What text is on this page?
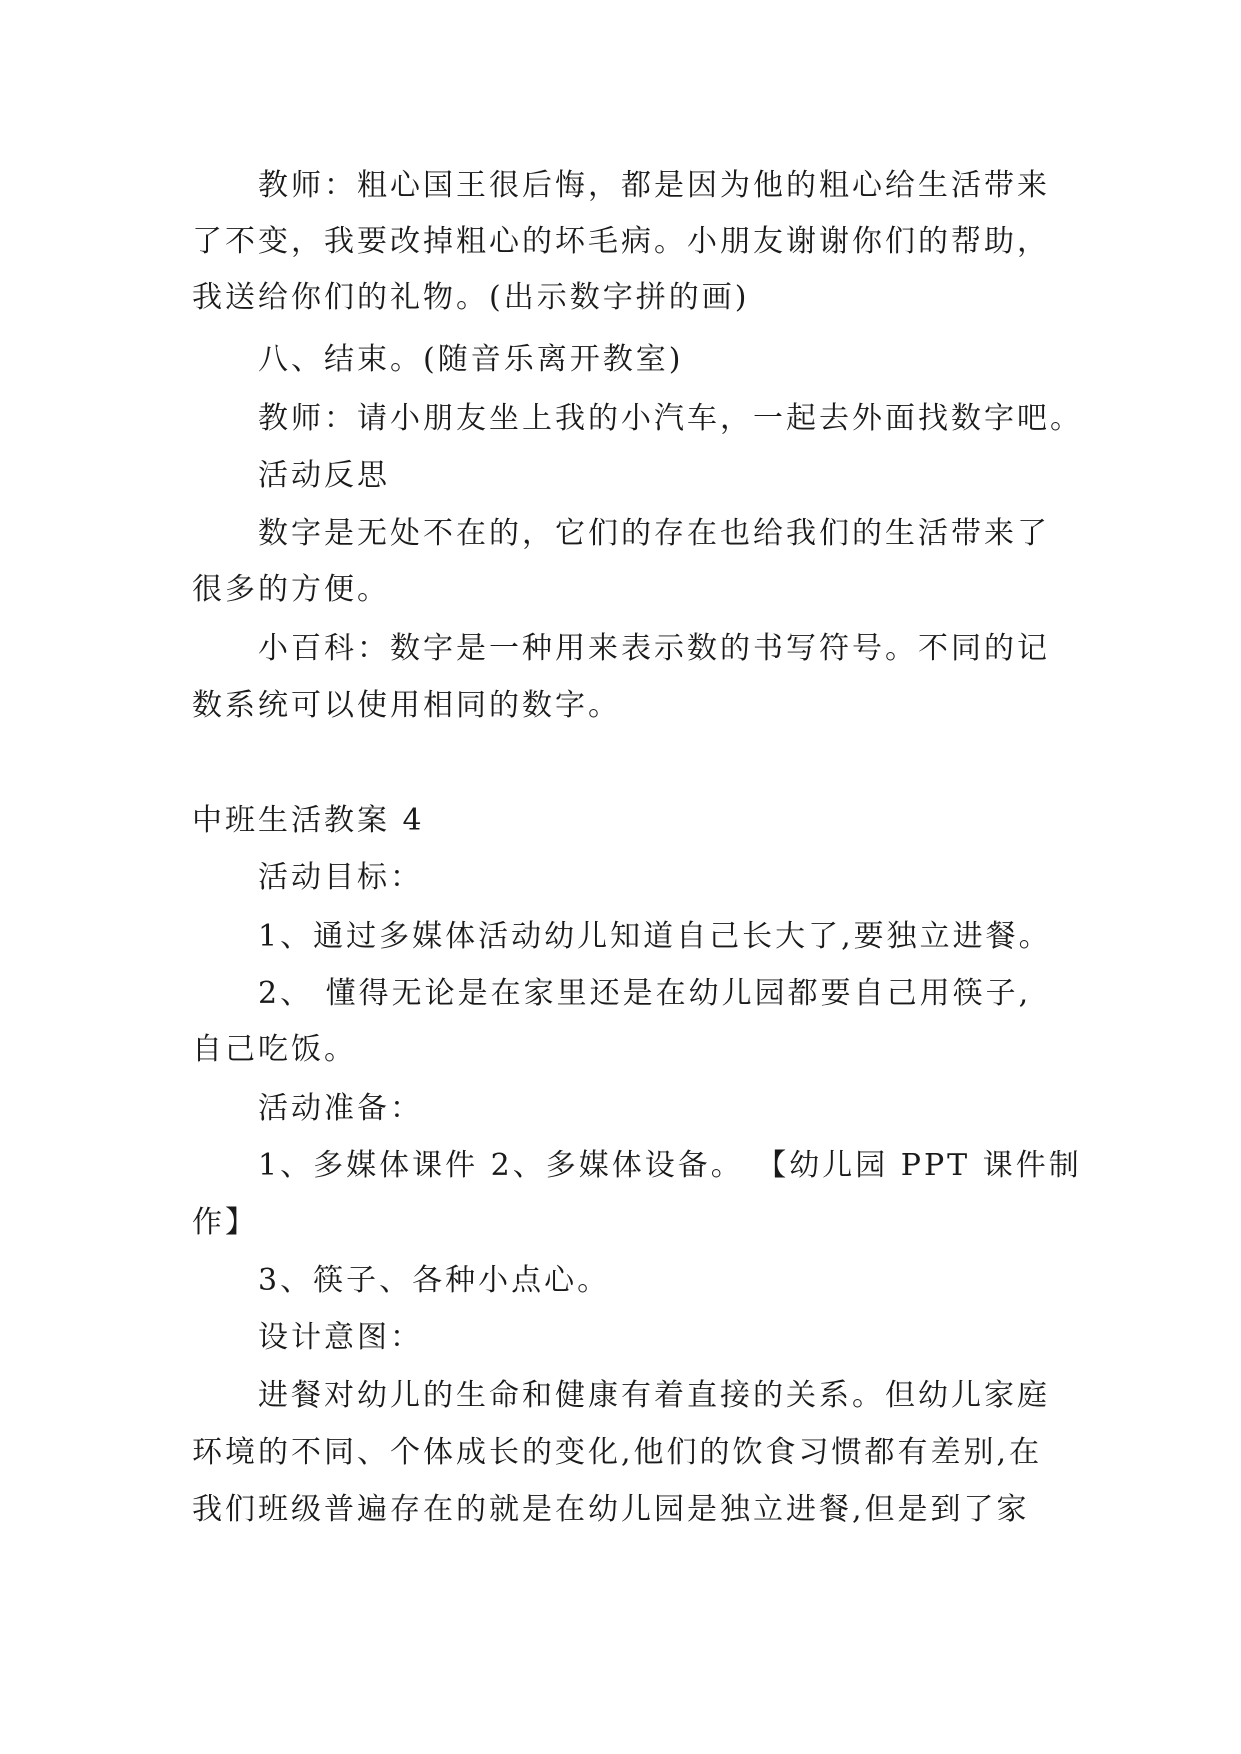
教师：粗心国王很后悔，都是因为他的粗心给生活带来
了不变，我要改掉粗心的坏毛病。小朋友谢谢你们的帮助，
我送给你们的礼物。(出示数字拼的画)
八、结束。(随音乐离开教室)
教师：请小朋友坐上我的小汽车，一起去外面找数字吧。
活动反思
数字是无处不在的，它们的存在也给我们的生活带来了
很多的方便。
小百科：数字是一种用来表示数的书写符号。不同的记
数系统可以使用相同的数字。
中班生活教案 4
活动目标：
1、通过多媒体活动幼儿知道自己长大了,要独立进餐。
2、 懂得无论是在家里还是在幼儿园都要自己用筷子,
自己吃饭。
活动准备：
1、多媒体课件 2、多媒体设备。 【幼儿园 PPT 课件制
作】
3、筷子、各种小点心。
设计意图：
进餐对幼儿的生命和健康有着直接的关系。但幼儿家庭
环境的不同、个体成长的变化,他们的饮食习惯都有差别,在
我们班级普遍存在的就是在幼儿园是独立进餐,但是到了家
